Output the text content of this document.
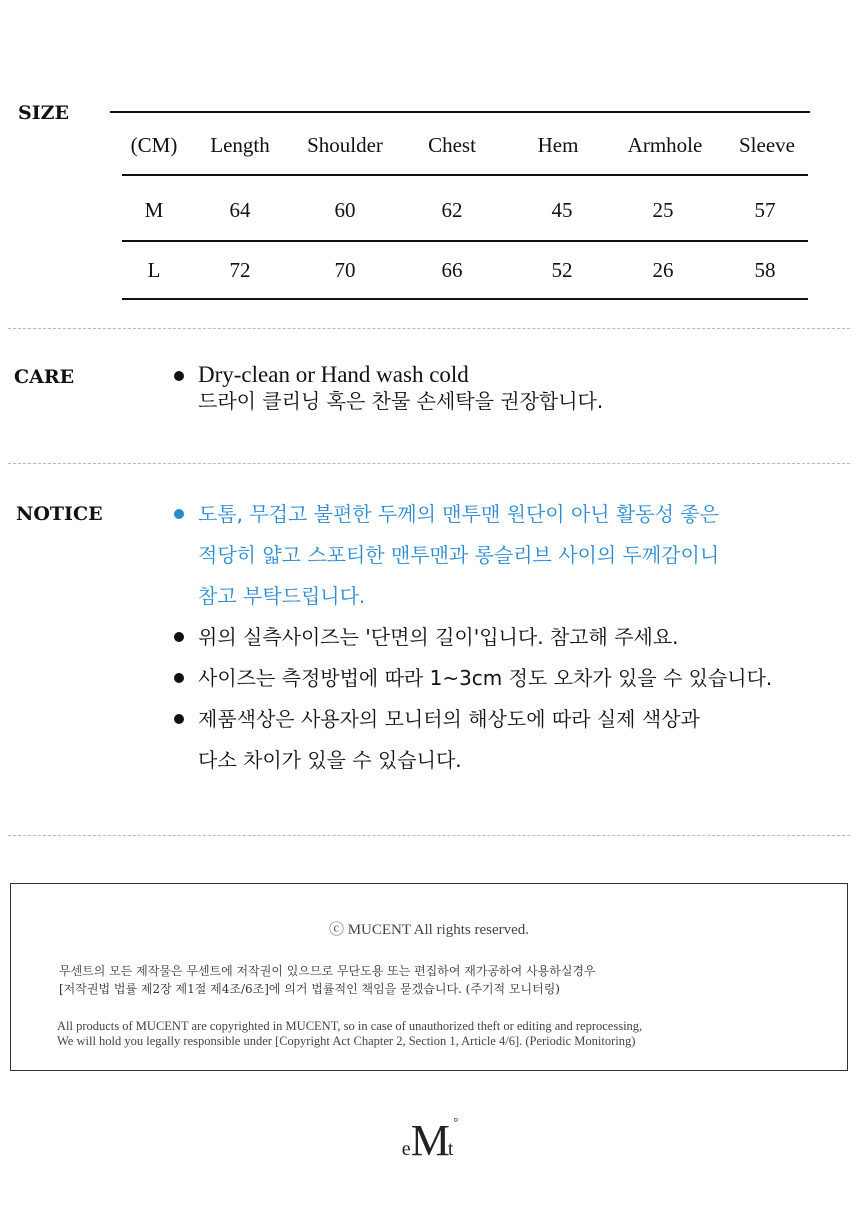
SIZE
(CM)	Length	Shoulder	Chest	Hem	Armhole	Sleeve
M	64	60	62	45	25	57
L	72	70	66	52	26	58
CARE	Dry-clean or Hand wash cold
드라이 클리닝 혹은 찬물 손세탁을 권장합니다.
NOTICE	도톰, 무겁고 불편한 두께의 맨투맨 원단이 아닌 활동성 좋은
적당히 얇고 스포티한 맨투맨과 롱슬리브 사이의 두께감이니
참고 부탁드립니다.
위의 실측사이즈는 '단면의 길이'입니다. 참고해 주세요.
사이즈는 측정방법에 따라 1~3cm 정도 오차가 있을 수 있습니다.
제품색상은 사용자의 모니터의 해상도에 따라 실제 색상과
다소 차이가 있을 수 있습니다.
ⓒ MUCENT All rights reserved.
무센트의 모든 제작물은 무센트에 저작권이 있으므로 무단도용 또는 편집하여 재가공하여 사용하실경우
[저작권법 법률 제2장 제1절 제4조/6조]에 의거 법률적인 책임을 묻겠습니다. (주기적 모니터링)
All products of MUCENT are copyrighted in MUCENT, so in case of unauthorized theft or editing and reprocessing,
We will hold you legally responsible under [Copyright Act Chapter 2, Section 1, Article 4/6]. (Periodic Monitoring)
eMt°
